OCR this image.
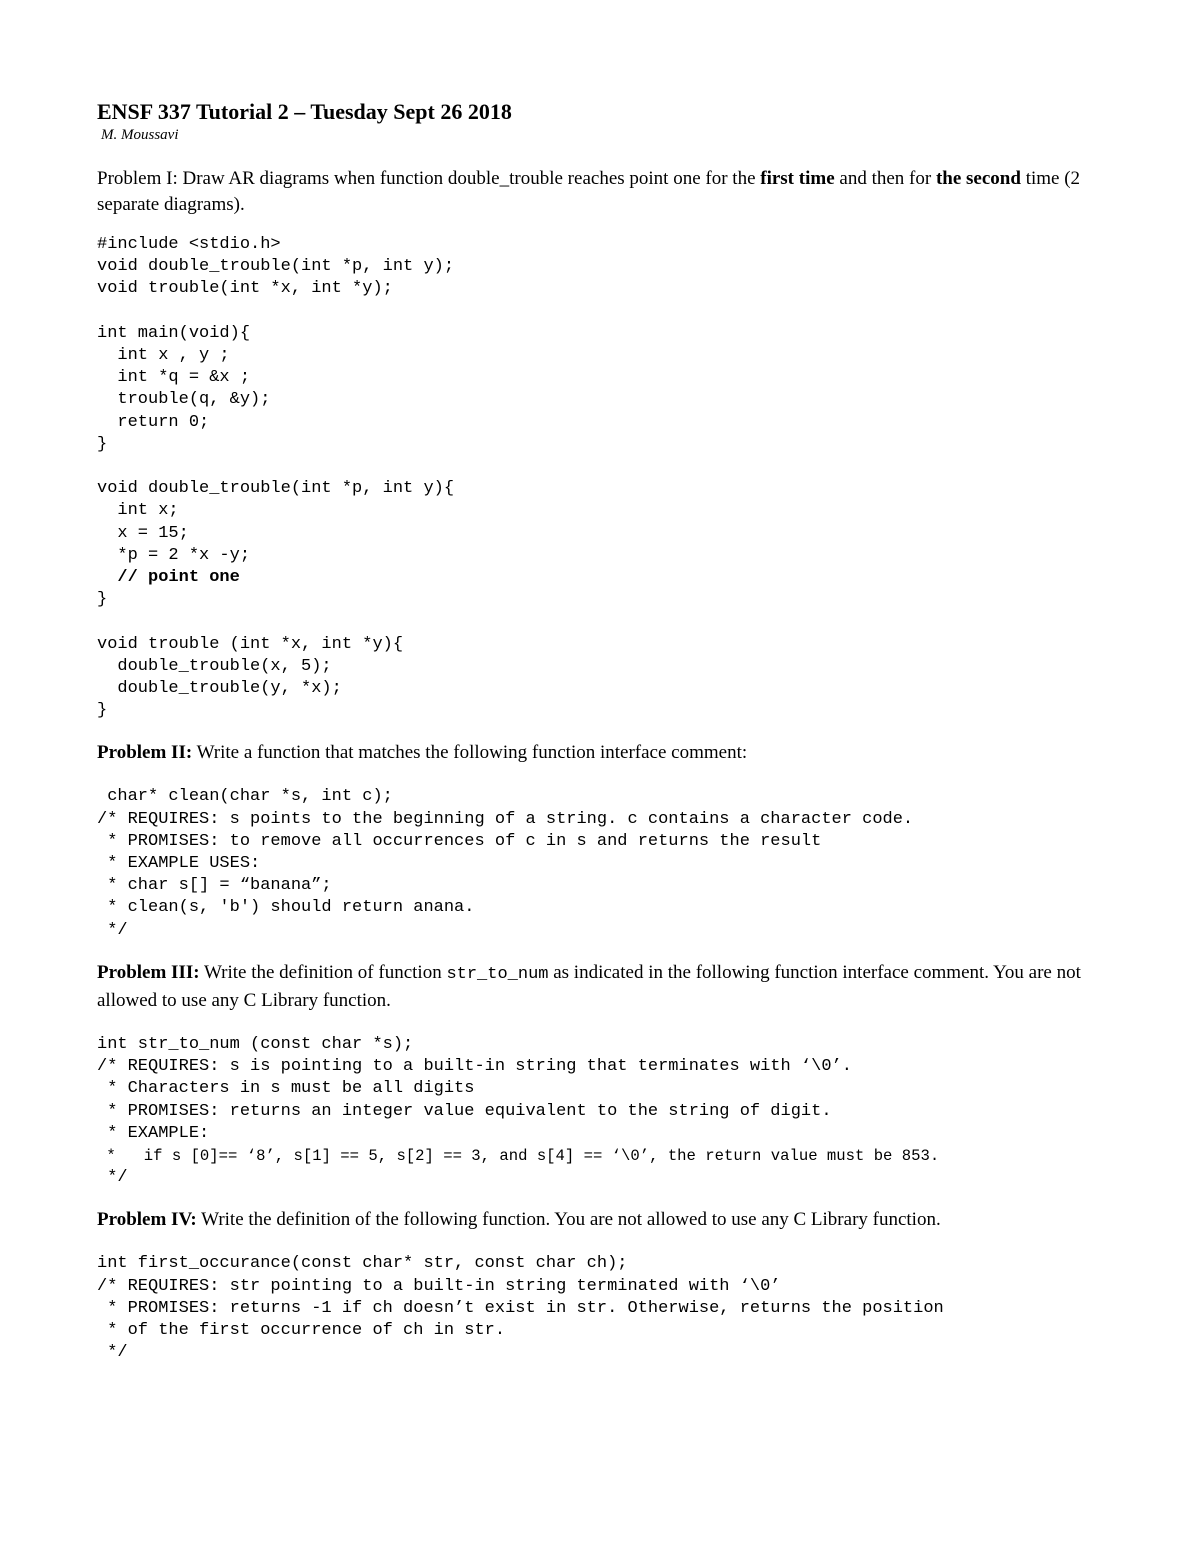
ENSF 337 Tutorial 2 – Tuesday Sept 26 2018

M. Moussavi

Problem I: Draw AR diagrams when function double_trouble reaches point one for the first time and then for the second time (2 separate diagrams).

#include <stdio.h>
void double_trouble(int *p, int y);
void trouble(int *x, int *y);
int main(void){
int x , y ;
int *q = &x ;
trouble(q, &y);
return 0;
}
void double_trouble(int *p, int y){
int x;
x = 15;
*p = 2 *x -y;
// point one
}
void trouble (int *x, int *y){
double_trouble(x, 5);
double_trouble(y, *x);
}

Problem II: Write a function that matches the following function interface comment:

char* clean(char *s, int c);
/* REQUIRES: s points to the beginning of a string. c contains a character code.
* PROMISES: to remove all occurrences of c in s and returns the result
* EXAMPLE USES:
* char s[] = “banana”;
* clean(s, 'b') should return anana.
*/

Problem III: Write the definition of function str_to_num as indicated in the following function interface comment. You are not allowed to use any C Library function.

int str_to_num (const char *s);
/* REQUIRES: s is pointing to a built-in string that terminates with ‘\0’.
* Characters in s must be all digits
* PROMISES: returns an integer value equivalent to the string of digit.
* EXAMPLE:
*   if s [0]== ‘8’, s[1] == 5, s[2] == 3, and s[4] == ‘\0’, the return value must be 853.
*/

Problem IV: Write the definition of the following function. You are not allowed to use any C Library function.

int first_occurance(const char* str, const char ch);
/* REQUIRES: str pointing to a built-in string terminated with ‘\0’
* PROMISES: returns -1 if ch doesn’t exist in str. Otherwise, returns the position
* of the first occurrence of ch in str.
*/
